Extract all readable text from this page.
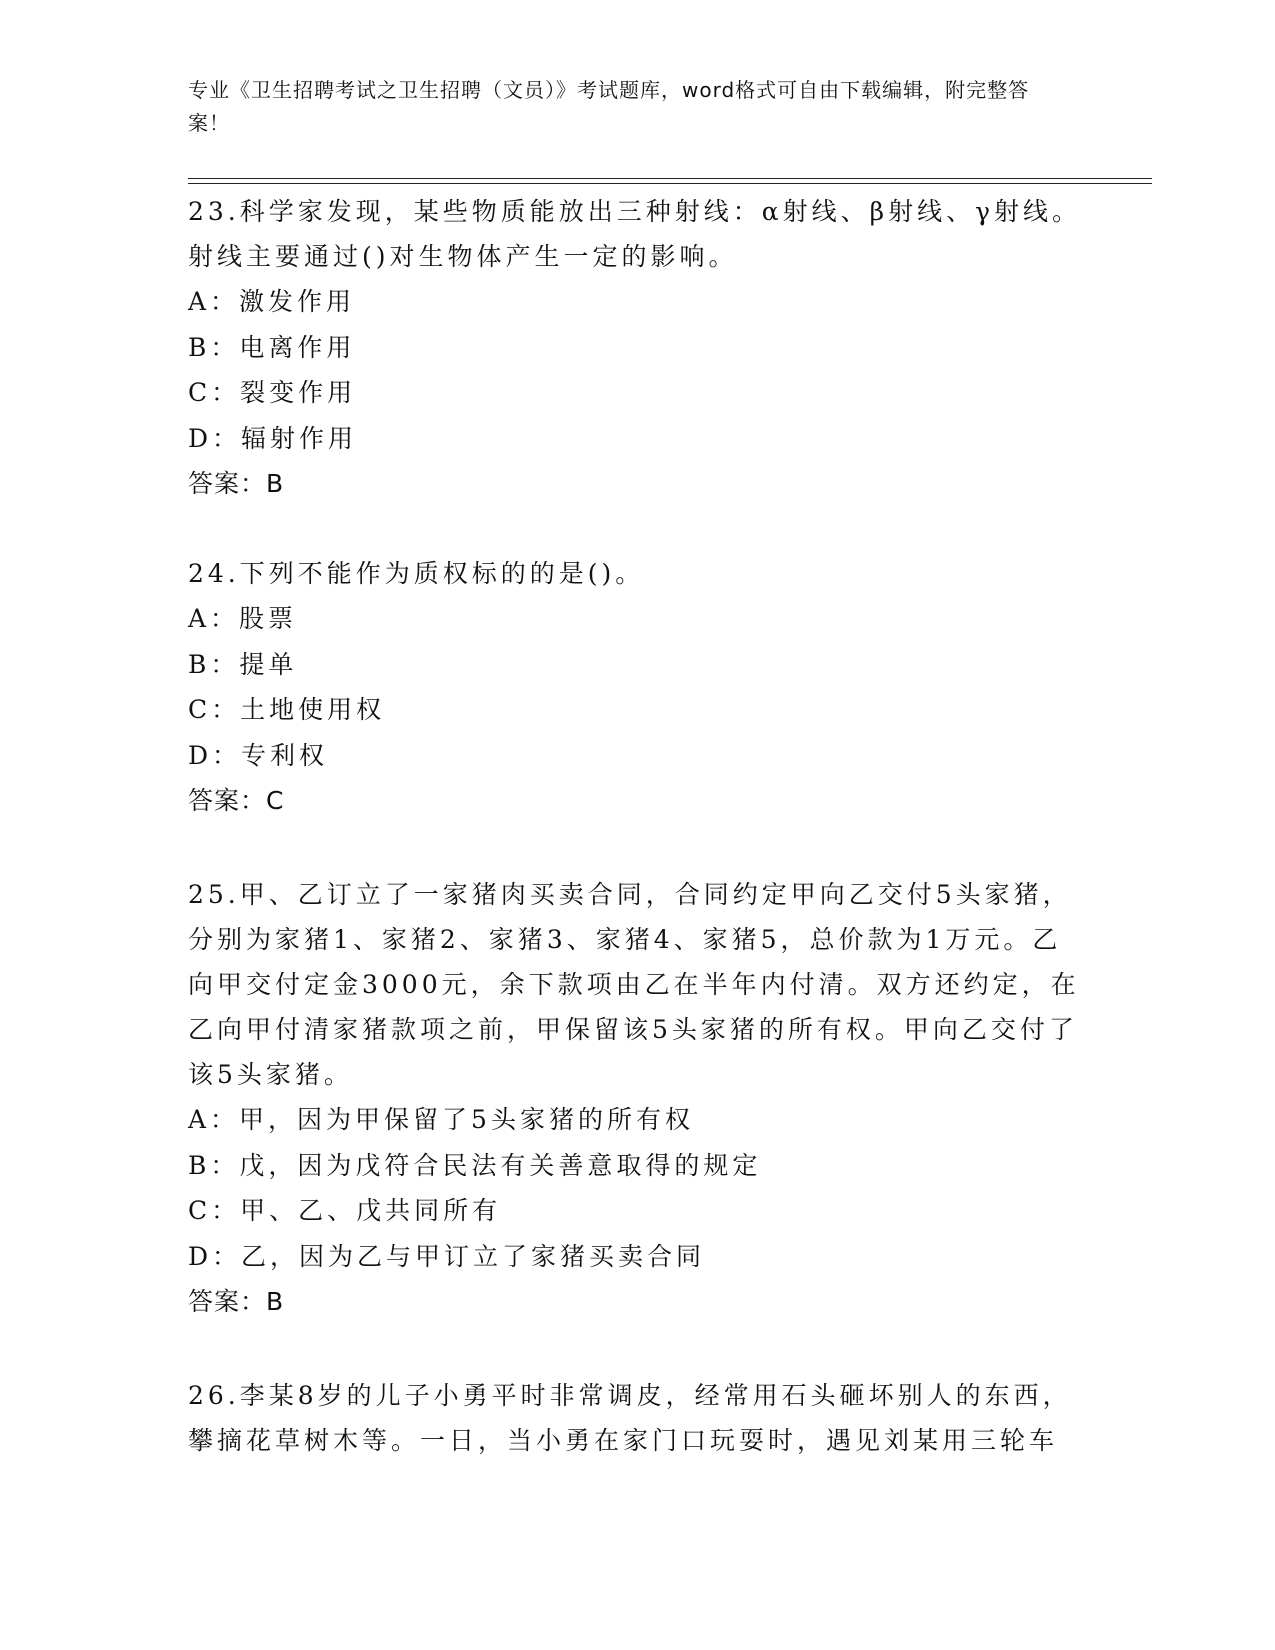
专业《卫生招聘考试之卫生招聘（文员）》考试题库，word格式可自由下载编辑，附完整答案！

23.科学家发现，某些物质能放出三种射线：α射线、β射线、γ射线。射线主要通过()对生物体产生一定的影响。

A：激发作用

B：电离作用

C：裂变作用

D：辐射作用

答案：B

24.下列不能作为质权标的的是()。

A：股票

B：提单

C：土地使用权

D：专利权

答案：C

25.甲、乙订立了一家猪肉买卖合同，合同约定甲向乙交付5头家猪，分别为家猪1、家猪2、家猪3、家猪4、家猪5，总价款为1万元。乙向甲交付定金3000元，余下款项由乙在半年内付清。双方还约定，在乙向甲付清家猪款项之前，甲保留该5头家猪的所有权。甲向乙交付了该5头家猪。

A：甲，因为甲保留了5头家猪的所有权

B：戊，因为戊符合民法有关善意取得的规定

C：甲、乙、戊共同所有

D：乙，因为乙与甲订立了家猪买卖合同

答案：B

26.李某8岁的儿子小勇平时非常调皮，经常用石头砸坏别人的东西，攀摘花草树木等。一日，当小勇在家门口玩耍时，遇见刘某用三轮车
